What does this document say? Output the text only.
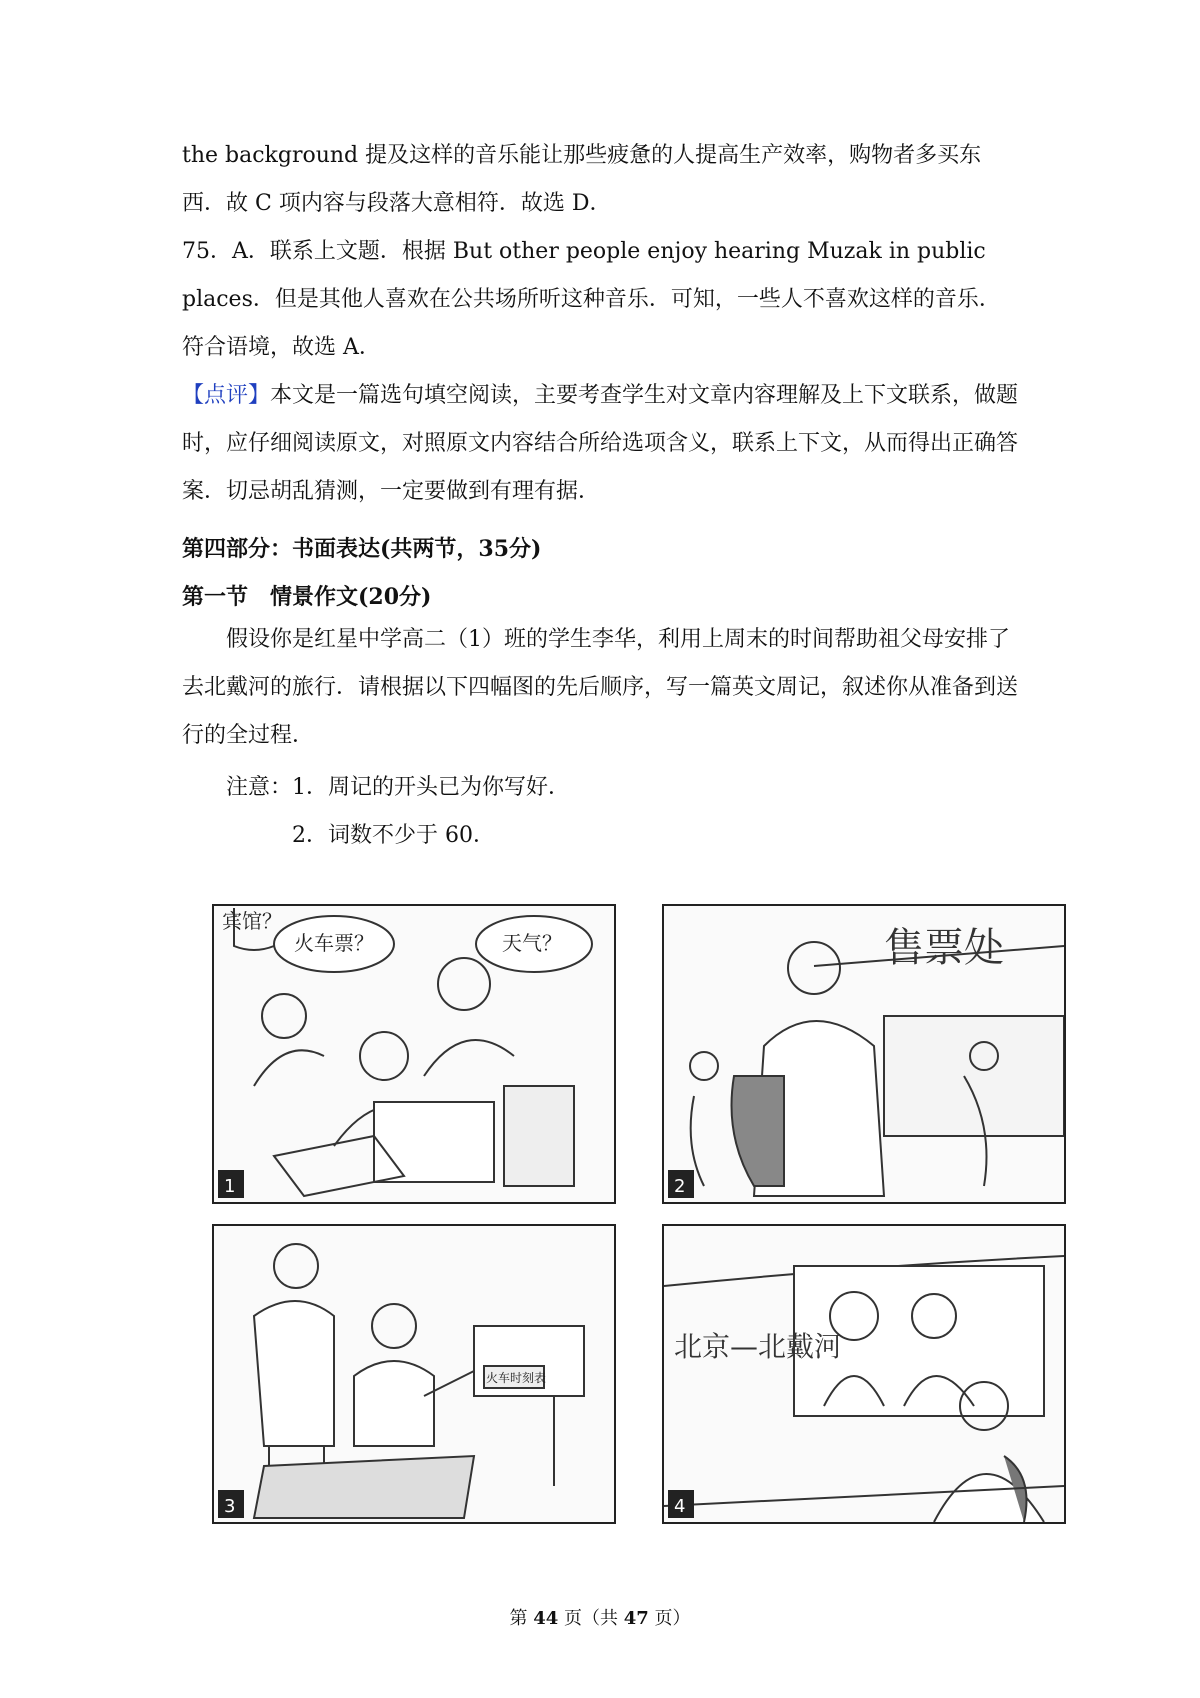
the background 提及这样的音乐能让那些疲惫的人提高生产效率，购物者多买东

西．故 C 项内容与段落大意相符．故选 D．

75．A．联系上文题．根据 But other people enjoy hearing Muzak in public places．但是其他人喜欢在公共场所听这种音乐．可知，一些人不喜欢这样的音乐．符合语境，故选 A．

【点评】本文是一篇选句填空阅读，主要考查学生对文章内容理解及上下文联系，做题时，应仔细阅读原文，对照原文内容结合所给选项含义，联系上下文，从而得出正确答案．切忌胡乱猜测，一定要做到有理有据．

第四部分：书面表达(共两节，35分)
第一节　情景作文(20分)
假设你是红星中学高二（1）班的学生李华，利用上周末的时间帮助祖父母安排了去北戴河的旅行．请根据以下四幅图的先后顺序，写一篇英文周记，叙述你从准备到送行的全过程．
注意：1．周记的开头已为你写好．
2．词数不少于 60．
宾馆？
火车票？	天气？
1
售票处
2
火车时刻表
3
北京—北戴河
4
第 44 页（共 47 页）
